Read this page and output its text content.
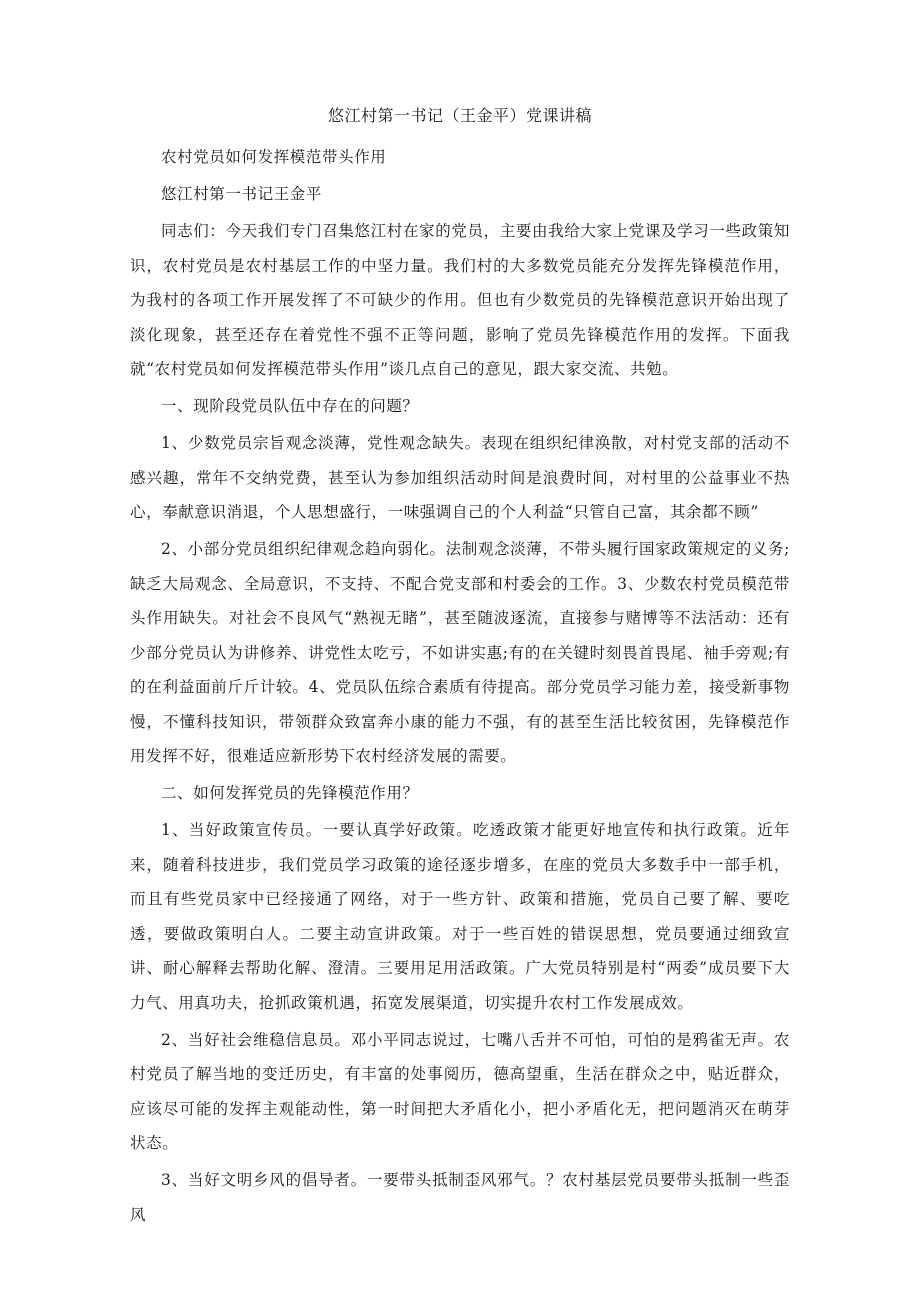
悠江村第一书记（王金平）党课讲稿

农村党员如何发挥模范带头作用

悠江村第一书记王金平

同志们：今天我们专门召集悠江村在家的党员，主要由我给大家上党课及学习一些政策知识，农村党员是农村基层工作的中坚力量。我们村的大多数党员能充分发挥先锋模范作用，为我村的各项工作开展发挥了不可缺少的作用。但也有少数党员的先锋模范意识开始出现了淡化现象，甚至还存在着党性不强不正等问题，影响了党员先锋模范作用的发挥。下面我就“农村党员如何发挥模范带头作用”谈几点自己的意见，跟大家交流、共勉。

一、现阶段党员队伍中存在的问题？

1、少数党员宗旨观念淡薄，党性观念缺失。表现在组织纪律涣散，对村党支部的活动不感兴趣，常年不交纳党费，甚至认为参加组织活动时间是浪费时间，对村里的公益事业不热心，奉献意识消退，个人思想盛行，一味强调自己的个人利益“只管自己富，其余都不顾”

2、小部分党员组织纪律观念趋向弱化。法制观念淡薄，不带头履行国家政策规定的义务;缺乏大局观念、全局意识，不支持、不配合党支部和村委会的工作。3、少数农村党员模范带头作用缺失。对社会不良风气“熟视无睹”，甚至随波逐流，直接参与赌博等不法活动：还有少部分党员认为讲修养、讲党性太吃亏，不如讲实惠;有的在关键时刻畏首畏尾、袖手旁观;有的在利益面前斤斤计较。4、党员队伍综合素质有待提高。部分党员学习能力差，接受新事物慢，不懂科技知识，带领群众致富奔小康的能力不强，有的甚至生活比较贫困，先锋模范作用发挥不好，很难适应新形势下农村经济发展的需要。

二、如何发挥党员的先锋模范作用？

1、当好政策宣传员。一要认真学好政策。吃透政策才能更好地宣传和执行政策。近年来，随着科技进步，我们党员学习政策的途径逐步增多，在座的党员大多数手中一部手机，而且有些党员家中已经接通了网络，对于一些方针、政策和措施，党员自己要了解、要吃透，要做政策明白人。二要主动宣讲政策。对于一些百姓的错误思想，党员要通过细致宣讲、耐心解释去帮助化解、澄清。三要用足用活政策。广大党员特别是村“两委”成员要下大力气、用真功夫，抢抓政策机遇，拓宽发展渠道，切实提升农村工作发展成效。

2、当好社会维稳信息员。邓小平同志说过，七嘴八舌并不可怕，可怕的是鸦雀无声。农村党员了解当地的变迁历史，有丰富的处事阅历，德高望重，生活在群众之中，贴近群众，应该尽可能的发挥主观能动性，第一时间把大矛盾化小，把小矛盾化无，把问题消灭在萌芽状态。

3、当好文明乡风的倡导者。一要带头抵制歪风邪气。？农村基层党员要带头抵制一些歪风
